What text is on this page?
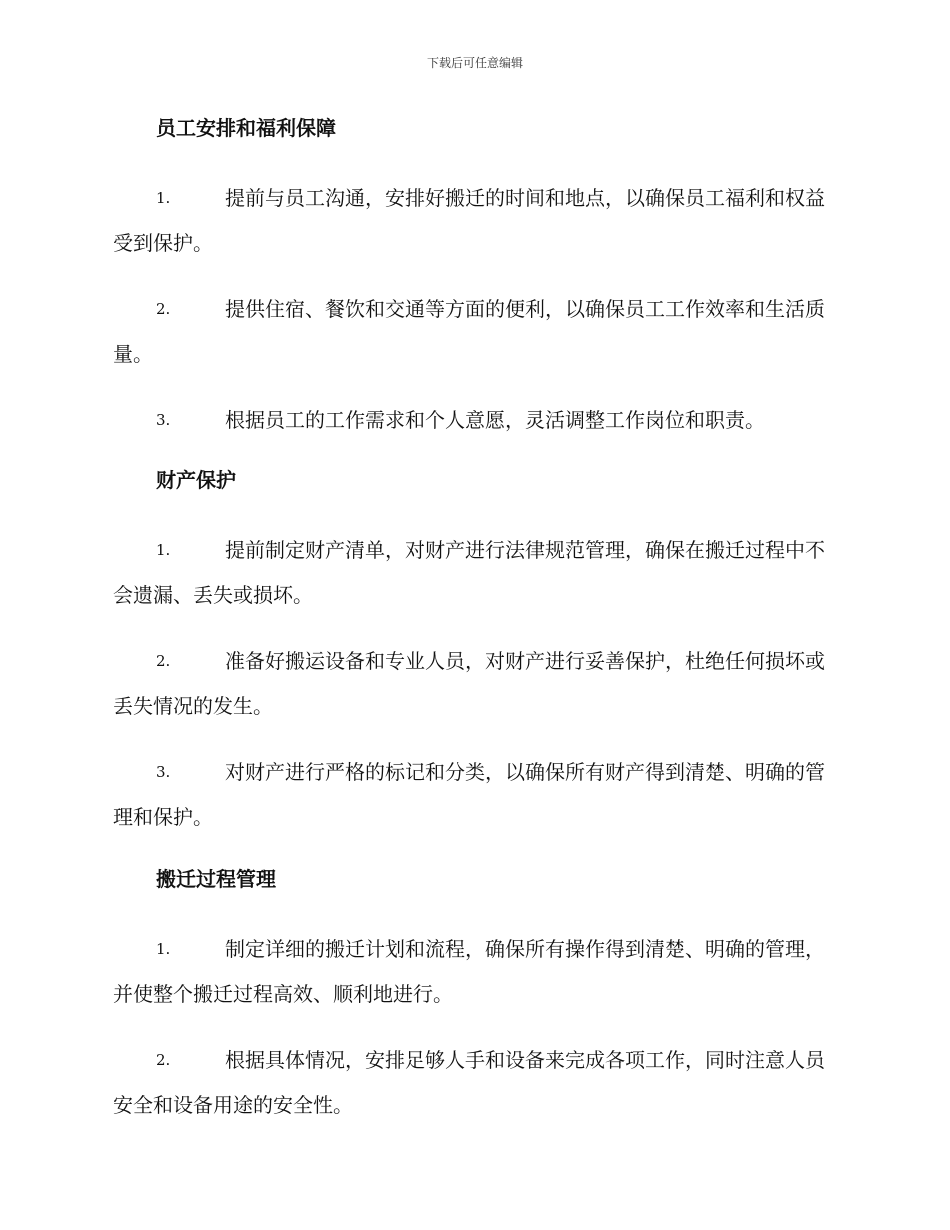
下载后可任意编辑
员工安排和福利保障
1.	提前与员工沟通，安排好搬迁的时间和地点，以确保员工福利和权益受到保护。
2.	提供住宿、餐饮和交通等方面的便利，以确保员工工作效率和生活质量。
3.	根据员工的工作需求和个人意愿，灵活调整工作岗位和职责。
财产保护
1.	提前制定财产清单，对财产进行法律规范管理，确保在搬迁过程中不会遗漏、丢失或损坏。
2.	准备好搬运设备和专业人员，对财产进行妥善保护，杜绝任何损坏或丢失情况的发生。
3.	对财产进行严格的标记和分类，以确保所有财产得到清楚、明确的管理和保护。
搬迁过程管理
1.	制定详细的搬迁计划和流程，确保所有操作得到清楚、明确的管理，并使整个搬迁过程高效、顺利地进行。
2.	根据具体情况，安排足够人手和设备来完成各项工作，同时注意人员安全和设备用途的安全性。
